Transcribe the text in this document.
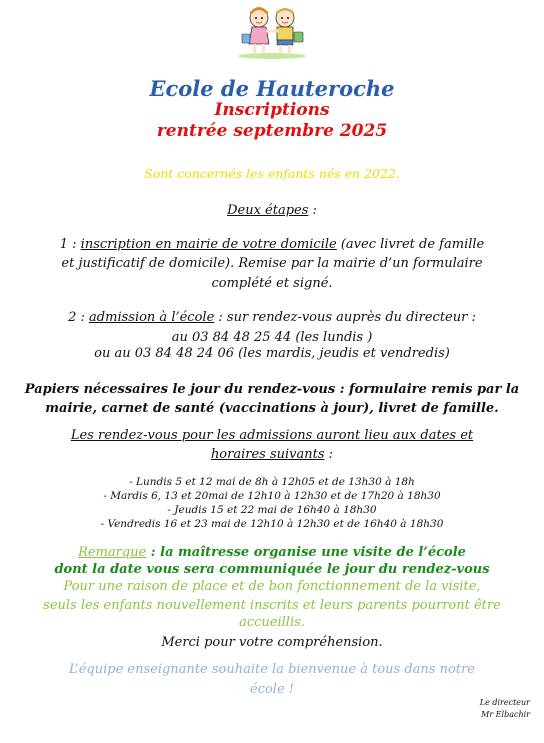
Ecole de Hauteroche
Inscriptions
rentrée septembre 2025
Sont concernés les enfants nés en 2022.
Deux étapes :
1 : inscription en mairie de votre domicile (avec livret de famille
et justificatif de domicile). Remise par la mairie d’un formulaire
complété et signé.
2 : admission à l’école : sur rendez-vous auprès du directeur :
au 03 84 48 25 44 (les lundis )
ou au 03 84 48 24 06 (les mardis, jeudis et vendredis)
Papiers nécessaires le jour du rendez-vous : formulaire remis par la
mairie, carnet de santé (vaccinations à jour), livret de famille.
Les rendez-vous pour les admissions auront lieu aux dates et
horaires suivants :
- Lundis 5 et 12 mai de 8h à 12h05 et de 13h30 à 18h
- Mardis 6, 13 et 20mai de 12h10 à 12h30 et de 17h20 à 18h30
- Jeudis 15 et 22 mai de 16h40 à 18h30
- Vendredis 16 et 23 mai de 12h10 à 12h30 et de 16h40 à 18h30
Remarque : la maîtresse organise une visite de l’école
dont la date vous sera communiquée le jour du rendez-vous
Pour une raison de place et de bon fonctionnement de la visite,
seuls les enfants nouvellement inscrits et leurs parents pourront être
accueillis.
Merci pour votre compréhension.
L’équipe enseignante souhaite la bienvenue à tous dans notre
école !
Le directeur
Mr Elbachir
